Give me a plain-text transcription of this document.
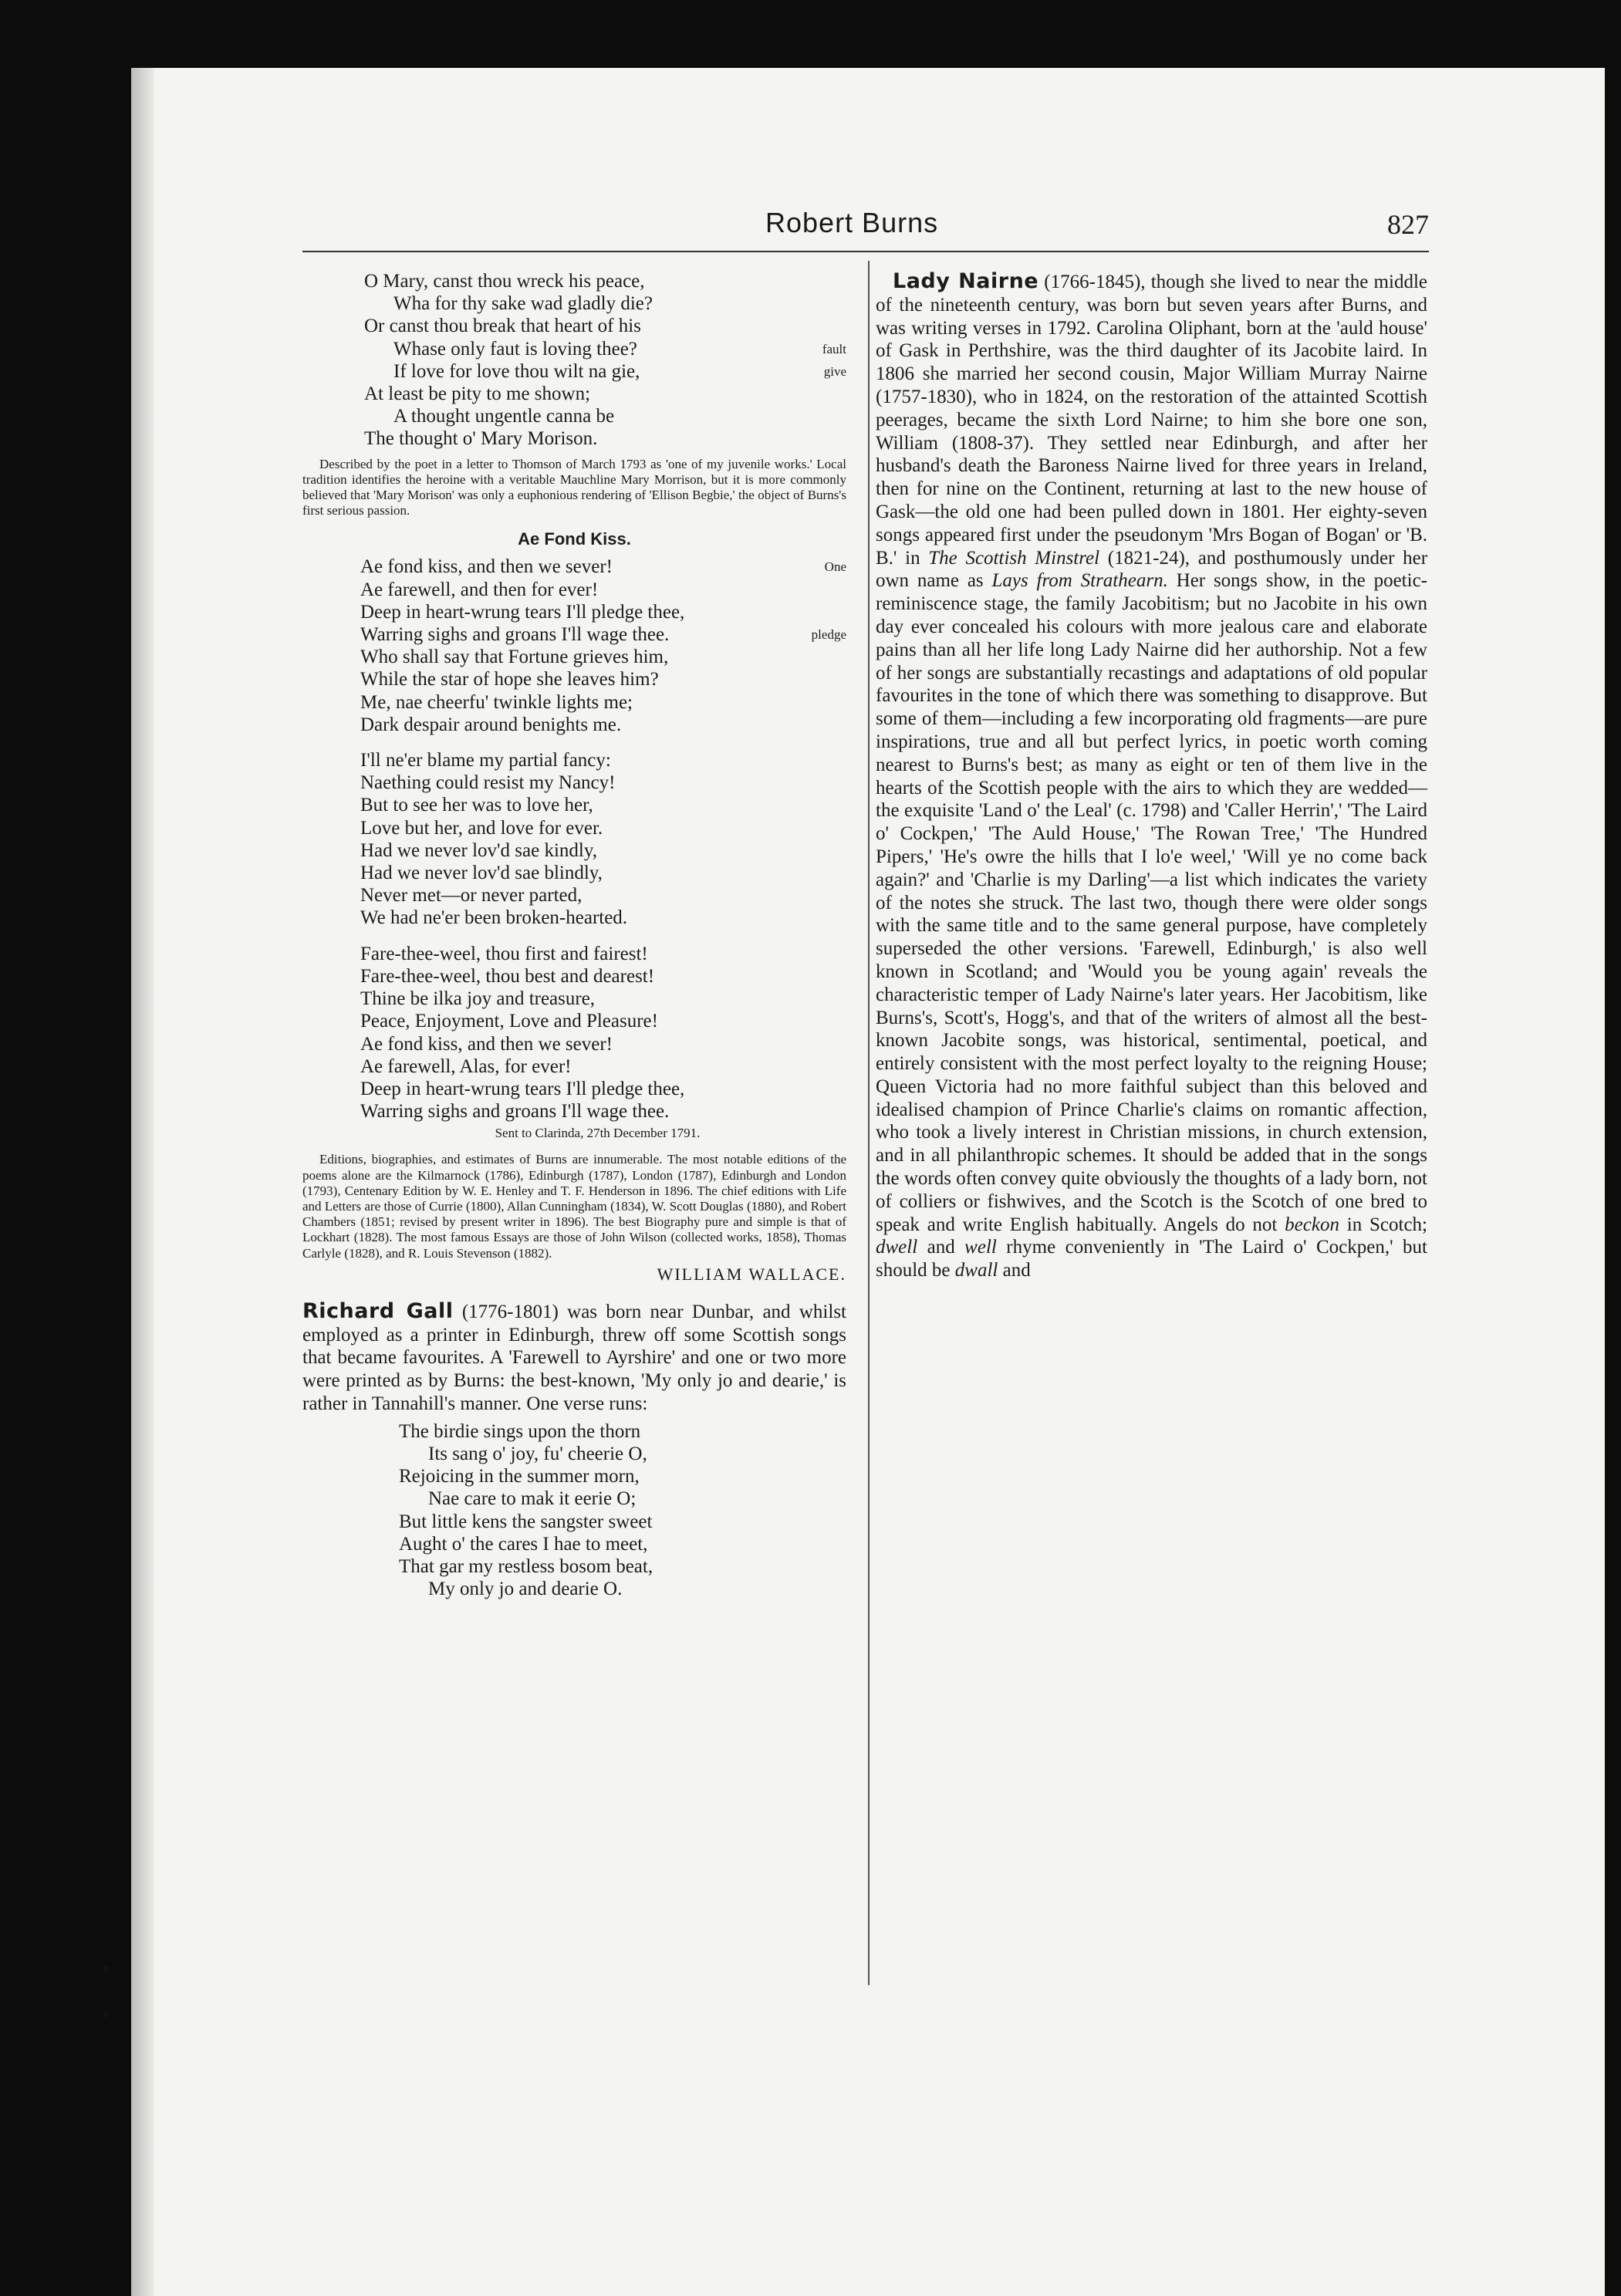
Robert Burns	827
O Mary, canst thou wreck his peace,
Wha for thy sake wad gladly die?
Or canst thou break that heart of his
Whase only faut is loving thee?	fault
If love for love thou wilt na gie,	give
At least be pity to me shown;
A thought ungentle canna be
The thought o' Mary Morison.
Described by the poet in a letter to Thomson of March 1793 as 'one of my juvenile works.' Local tradition identifies the heroine with a veritable Mauchline Mary Morrison, but it is more commonly believed that 'Mary Morison' was only a euphonious rendering of 'Ellison Begbie,' the object of Burns's first serious passion.
Ae Fond Kiss.
Ae fond kiss, and then we sever!	One
Ae farewell, and then for ever!
Deep in heart-wrung tears I'll pledge thee,
Warring sighs and groans I'll wage thee.	pledge
Who shall say that Fortune grieves him,
While the star of hope she leaves him?
Me, nae cheerfu' twinkle lights me;
Dark despair around benights me.
I'll ne'er blame my partial fancy:
Naething could resist my Nancy!
But to see her was to love her,
Love but her, and love for ever.
Had we never lov'd sae kindly,
Had we never lov'd sae blindly,
Never met—or never parted,
We had ne'er been broken-hearted.
Fare-thee-weel, thou first and fairest!
Fare-thee-weel, thou best and dearest!
Thine be ilka joy and treasure,
Peace, Enjoyment, Love and Pleasure!
Ae fond kiss, and then we sever!
Ae farewell, Alas, for ever!
Deep in heart-wrung tears I'll pledge thee,
Warring sighs and groans I'll wage thee.
Sent to Clarinda, 27th December 1791.
Editions, biographies, and estimates of Burns are innumerable. The most notable editions of the poems alone are the Kilmarnock (1786), Edinburgh (1787), London (1787), Edinburgh and London (1793), Centenary Edition by W. E. Henley and T. F. Henderson in 1896. The chief editions with Life and Letters are those of Currie (1800), Allan Cunningham (1834), W. Scott Douglas (1880), and Robert Chambers (1851; revised by present writer in 1896). The best Biography pure and simple is that of Lockhart (1828). The most famous Essays are those of John Wilson (collected works, 1858), Thomas Carlyle (1828), and R. Louis Stevenson (1882).
WILLIAM WALLACE.
Richard Gall (1776-1801) was born near Dunbar, and whilst employed as a printer in Edinburgh, threw off some Scottish songs that became favourites. A 'Farewell to Ayrshire' and one or two more were printed as by Burns: the best-known, 'My only jo and dearie,' is rather in Tannahill's manner. One verse runs:
The birdie sings upon the thorn
Its sang o' joy, fu' cheerie O,
Rejoicing in the summer morn,
Nae care to mak it eerie O;
But little kens the sangster sweet
Aught o' the cares I hae to meet,
That gar my restless bosom beat,
My only jo and dearie O.
Lady Nairne (1766-1845), though she lived to near the middle of the nineteenth century, was born but seven years after Burns, and was writing verses in 1792. Carolina Oliphant, born at the 'auld house' of Gask in Perthshire, was the third daughter of its Jacobite laird. In 1806 she married her second cousin, Major William Murray Nairne (1757-1830), who in 1824, on the restoration of the attainted Scottish peerages, became the sixth Lord Nairne; to him she bore one son, William (1808-37). They settled near Edinburgh, and after her husband's death the Baroness Nairne lived for three years in Ireland, then for nine on the Continent, returning at last to the new house of Gask—the old one had been pulled down in 1801. Her eighty-seven songs appeared first under the pseudonym 'Mrs Bogan of Bogan' or 'B. B.' in The Scottish Minstrel (1821-24), and posthumously under her own name as Lays from Strathearn. Her songs show, in the poetic-reminiscence stage, the family Jacobitism; but no Jacobite in his own day ever concealed his colours with more jealous care and elaborate pains than all her life long Lady Nairne did her authorship. Not a few of her songs are substantially recastings and adaptations of old popular favourites in the tone of which there was something to disapprove. But some of them—including a few incorporating old fragments—are pure inspirations, true and all but perfect lyrics, in poetic worth coming nearest to Burns's best; as many as eight or ten of them live in the hearts of the Scottish people with the airs to which they are wedded—the exquisite 'Land o' the Leal' (c. 1798) and 'Caller Herrin',' 'The Laird o' Cockpen,' 'The Auld House,' 'The Rowan Tree,' 'The Hundred Pipers,' 'He's owre the hills that I lo'e weel,' 'Will ye no come back again?' and 'Charlie is my Darling'—a list which indicates the variety of the notes she struck. The last two, though there were older songs with the same title and to the same general purpose, have completely superseded the other versions. 'Farewell, Edinburgh,' is also well known in Scotland; and 'Would you be young again' reveals the characteristic temper of Lady Nairne's later years. Her Jacobitism, like Burns's, Scott's, Hogg's, and that of the writers of almost all the best-known Jacobite songs, was historical, sentimental, poetical, and entirely consistent with the most perfect loyalty to the reigning House; Queen Victoria had no more faithful subject than this beloved and idealised champion of Prince Charlie's claims on romantic affection, who took a lively interest in Christian missions, in church extension, and in all philanthropic schemes. It should be added that in the songs the words often convey quite obviously the thoughts of a lady born, not of colliers or fishwives, and the Scotch is the Scotch of one bred to speak and write English habitually. Angels do not beckon in Scotch; dwell and well rhyme conveniently in 'The Laird o' Cockpen,' but should be dwall and
